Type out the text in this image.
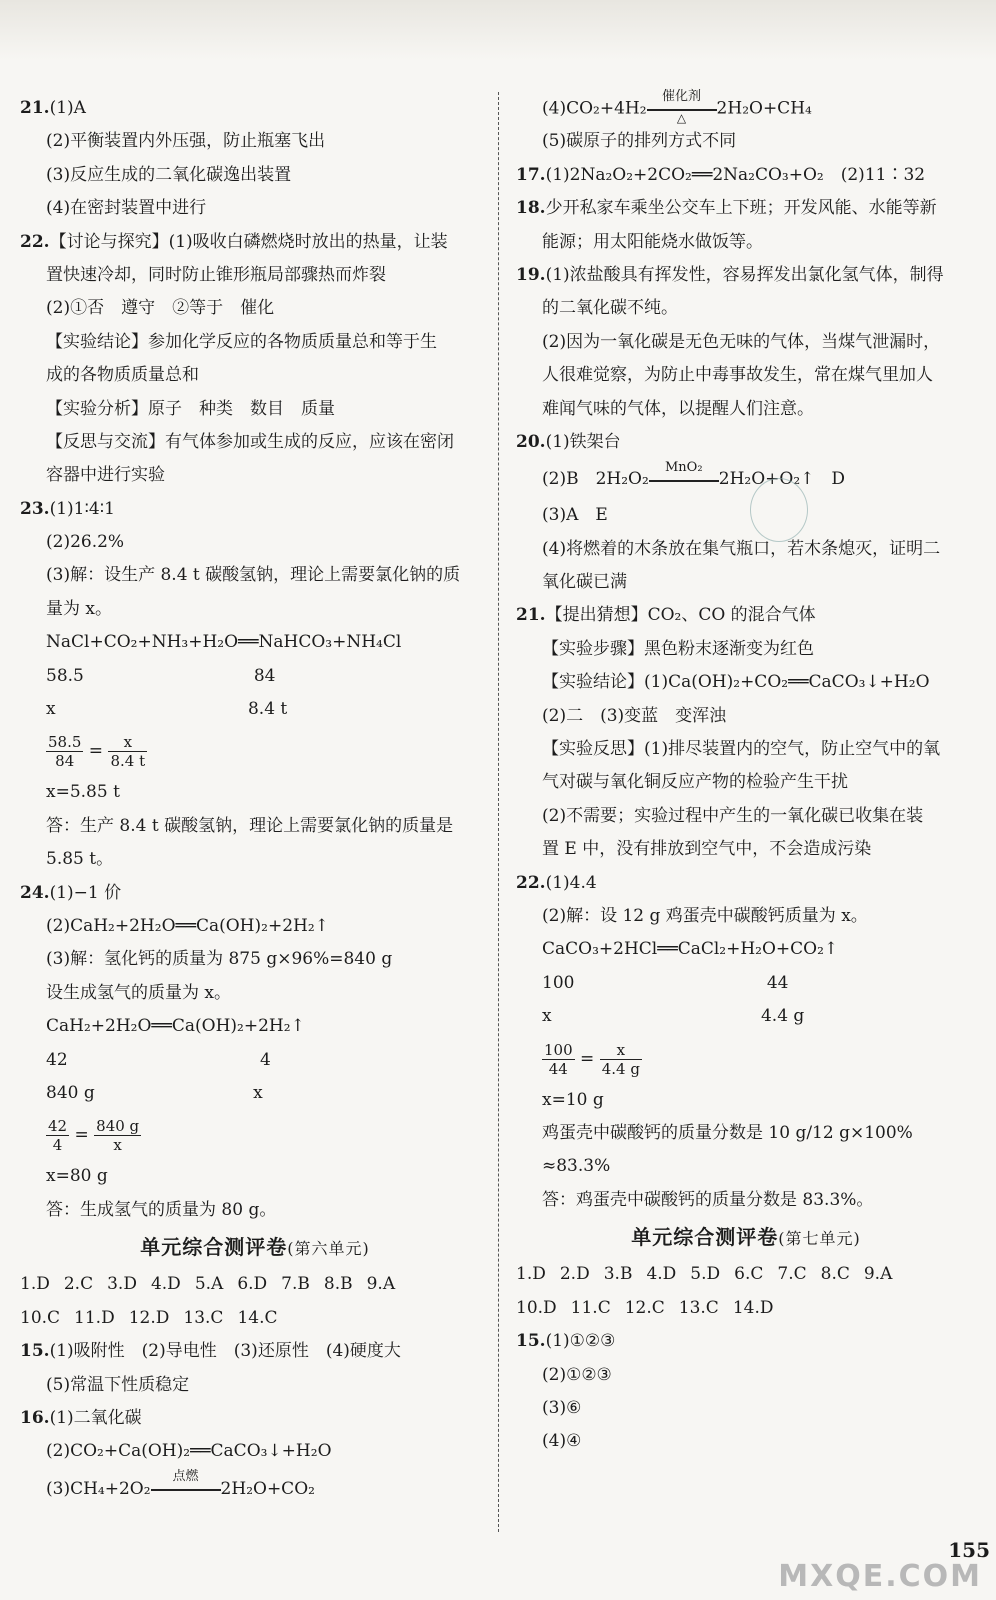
21.(1)A
(2)平衡装置内外压强，防止瓶塞飞出
(3)反应生成的二氧化碳逸出装置
(4)在密封装置中进行
22.【讨论与探究】(1)吸收白磷燃烧时放出的热量，让装
置快速冷却，同时防止锥形瓶局部骤热而炸裂
(2)①否　遵守　②等于　催化
【实验结论】参加化学反应的各物质质量总和等于生
成的各物质质量总和
【实验分析】原子　种类　数目　质量
【反思与交流】有气体参加或生成的反应，应该在密闭
容器中进行实验
23.(1)1∶4∶1
(2)26.2%
(3)解：设生产 8.4 t 碳酸氢钠，理论上需要氯化钠的质
量为 x。
NaCl+CO₂+NH₃+H₂O══NaHCO₃+NH₄Cl
58.5　　　　　　　　　　84
x　　　　　　　　　　　 8.4 t
$\frac{58.5}{84} = \frac{x}{8.4 t}$
x=5.85 t
答：生产 8.4 t 碳酸氢钠，理论上需要氯化钠的质量是
5.85 t。
24.(1)−1 价
(2)CaH₂+2H₂O══Ca(OH)₂+2H₂↑
(3)解：氢化钙的质量为 875 g×96%=840 g
设生成氢气的质量为 x。
CaH₂+2H₂O══Ca(OH)₂+2H₂↑
42　　　　　　　　　　　 4
840 g　　　　　　　　　 x
$\frac{42}{4} = \frac{840 g}{x}$
x=80 g
答：生成氢气的质量为 80 g。
单元综合测评卷(第六单元)
1.D 2.C 3.D 4.D 5.A 6.D 7.B 8.B 9.A
10.C 11.D 12.D 13.C 14.C
15.(1)吸附性　(2)导电性　(3)还原性　(4)硬度大
(5)常温下性质稳定
16.(1)二氧化碳
(2)CO₂+Ca(OH)₂══CaCO₃↓+H₂O
(3)CH₄+2O₂
点燃
2H₂O+CO₂
(4)CO₂+4H₂
催化剂
△	2H₂O+CH₄
(5)碳原子的排列方式不同
17.(1)2Na₂O₂+2CO₂══2Na₂CO₃+O₂　(2)11∶32
18.少开私家车乘坐公交车上下班；开发风能、水能等新
能源；用太阳能烧水做饭等。
19.(1)浓盐酸具有挥发性，容易挥发出氯化氢气体，制得
的二氧化碳不纯。
(2)因为一氧化碳是无色无味的气体，当煤气泄漏时，
人很难觉察，为防止中毒事故发生，常在煤气里加人
难闻气味的气体，以提醒人们注意。
20.(1)铁架台
(2)B　2H₂O₂
MnO₂
2H₂O+O₂↑　D
(3)A　E
(4)将燃着的木条放在集气瓶口，若木条熄灭，证明二
氧化碳已满
21.【提出猜想】CO₂、CO 的混合气体
【实验步骤】黑色粉末逐渐变为红色
【实验结论】(1)Ca(OH)₂+CO₂══CaCO₃↓+H₂O
(2)二　(3)变蓝　变浑浊
【实验反思】(1)排尽装置内的空气，防止空气中的氧
气对碳与氧化铜反应产物的检验产生干扰
(2)不需要；实验过程中产生的一氧化碳已收集在装
置 E 中，没有排放到空气中，不会造成污染
22.(1)4.4
(2)解：设 12 g 鸡蛋壳中碳酸钙质量为 x。
CaCO₃+2HCl══CaCl₂+H₂O+CO₂↑
100　　　　　　　　　　　 44
x　　　　　　　　　　　　 4.4 g
$\frac{100}{44} = \frac{x}{4.4 g}$
x=10 g
鸡蛋壳中碳酸钙的质量分数是 10 g/12 g×100%
≈83.3%
答：鸡蛋壳中碳酸钙的质量分数是 83.3%。
单元综合测评卷(第七单元)
1.D 2.D 3.B 4.D 5.D 6.C 7.C 8.C 9.A
10.D 11.C 12.C 13.C 14.D
15.(1)①②③
(2)①②③
(3)⑥
(4)④
155
MXQE.COM
